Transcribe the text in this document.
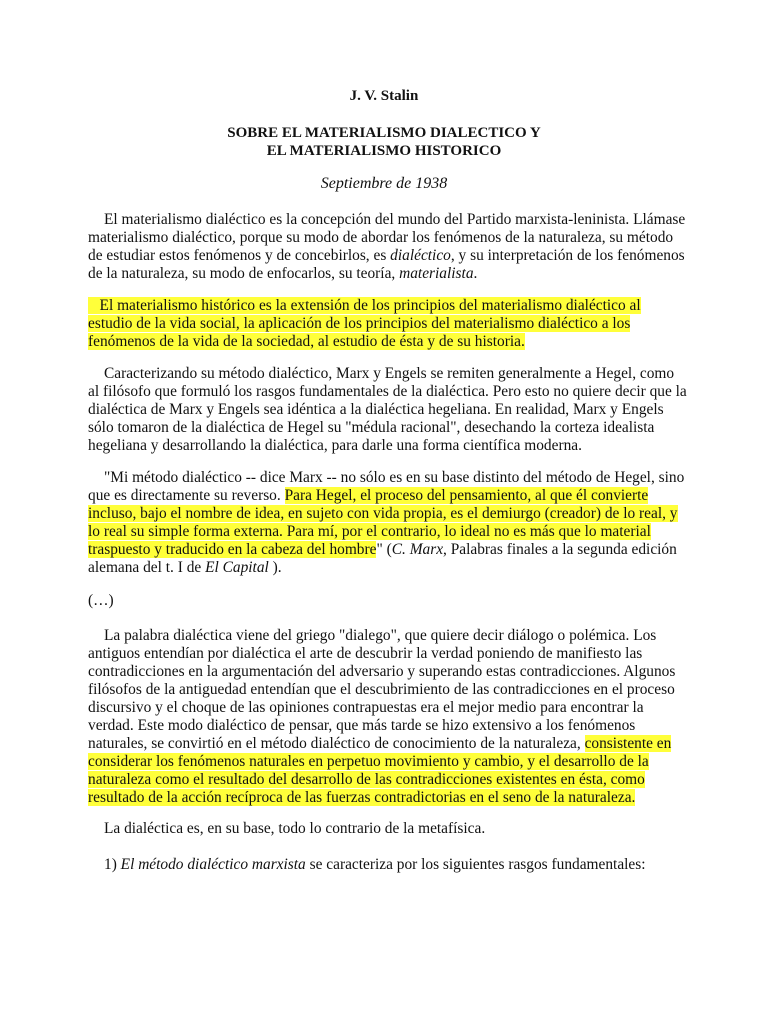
J. V. Stalin
SOBRE EL MATERIALISMO DIALECTICO Y
EL MATERIALISMO HISTORICO
Septiembre de 1938
El materialismo dialéctico es la concepción del mundo del Partido marxista-leninista. Llámase
materialismo dialéctico, porque su modo de abordar los fenómenos de la naturaleza, su método
de estudiar estos fenómenos y de concebirlos, es dialéctico, y su interpretación de los fenómenos
de la naturaleza, su modo de enfocarlos, su teoría, materialista.
El materialismo histórico es la extensión de los principios del materialismo dialéctico al
estudio de la vida social, la aplicación de los principios del materialismo dialéctico a los
fenómenos de la vida de la sociedad, al estudio de ésta y de su historia.
Caracterizando su método dialéctico, Marx y Engels se remiten generalmente a Hegel, como
al filósofo que formuló los rasgos fundamentales de la dialéctica. Pero esto no quiere decir que la
dialéctica de Marx y Engels sea idéntica a la dialéctica hegeliana. En realidad, Marx y Engels
sólo tomaron de la dialéctica de Hegel su "médula racional", desechando la corteza idealista
hegeliana y desarrollando la dialéctica, para darle una forma científica moderna.
"Mi método dialéctico -- dice Marx -- no sólo es en su base distinto del método de Hegel, sino
que es directamente su reverso. Para Hegel, el proceso del pensamiento, al que él convierte
incluso, bajo el nombre de idea, en sujeto con vida propia, es el demiurgo (creador) de lo real, y
lo real su simple forma externa. Para mí, por el contrario, lo ideal no es más que lo material
traspuesto y traducido en la cabeza del hombre" (C. Marx, Palabras finales a la segunda edición
alemana del t. I de El Capital ).
(…)
La palabra dialéctica viene del griego "dialego", que quiere decir diálogo o polémica. Los
antiguos entendían por dialéctica el arte de descubrir la verdad poniendo de manifiesto las
contradicciones en la argumentación del adversario y superando estas contradicciones. Algunos
filósofos de la antiguedad entendían que el descubrimiento de las contradicciones en el proceso
discursivo y el choque de las opiniones contrapuestas era el mejor medio para encontrar la
verdad. Este modo dialéctico de pensar, que más tarde se hizo extensivo a los fenómenos
naturales, se convirtió en el método dialéctico de conocimiento de la naturaleza, consistente en
considerar los fenómenos naturales en perpetuo movimiento y cambio, y el desarrollo de la
naturaleza como el resultado del desarrollo de las contradicciones existentes en ésta, como
resultado de la acción recíproca de las fuerzas contradictorias en el seno de la naturaleza.
La dialéctica es, en su base, todo lo contrario de la metafísica.
1) El método dialéctico marxista se caracteriza por los siguientes rasgos fundamentales:
